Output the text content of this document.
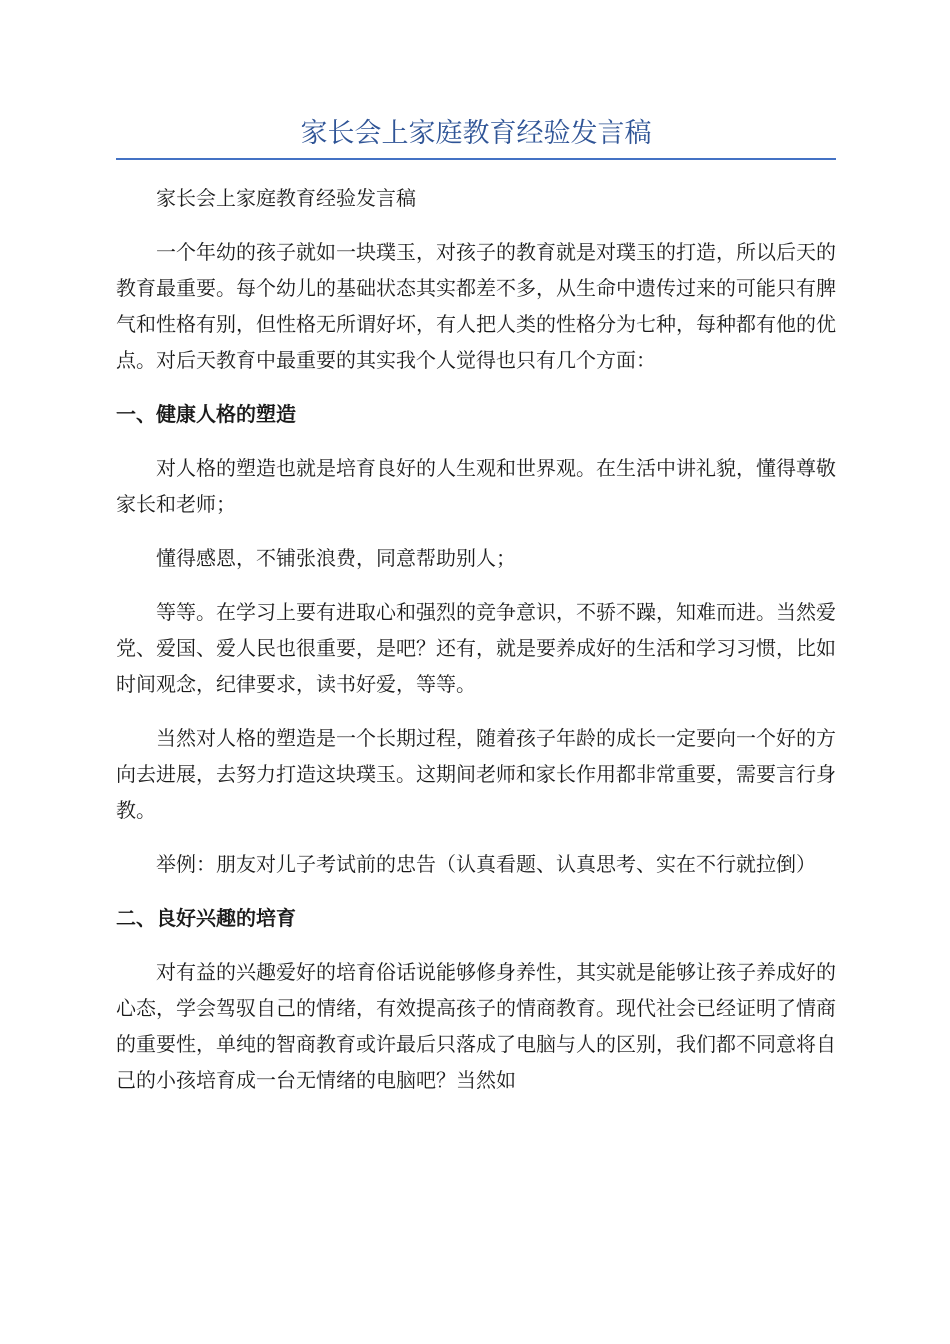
家长会上家庭教育经验发言稿

家长会上家庭教育经验发言稿

一个年幼的孩子就如一块璞玉，对孩子的教育就是对璞玉的打造，所以后天的教育最重要。每个幼儿的基础状态其实都差不多，从生命中遗传过来的可能只有脾气和性格有别，但性格无所谓好坏，有人把人类的性格分为七种，每种都有他的优点。对后天教育中最重要的其实我个人觉得也只有几个方面：

一、健康人格的塑造

对人格的塑造也就是培育良好的人生观和世界观。在生活中讲礼貌，懂得尊敬家长和老师；

懂得感恩，不铺张浪费，同意帮助别人；

等等。在学习上要有进取心和强烈的竞争意识，不骄不躁，知难而进。当然爱党、爱国、爱人民也很重要，是吧？还有，就是要养成好的生活和学习习惯，比如时间观念，纪律要求，读书好爱，等等。

当然对人格的塑造是一个长期过程，随着孩子年龄的成长一定要向一个好的方向去进展，去努力打造这块璞玉。这期间老师和家长作用都非常重要，需要言行身教。

举例：朋友对儿子考试前的忠告（认真看题、认真思考、实在不行就拉倒）

二、良好兴趣的培育

对有益的兴趣爱好的培育俗话说能够修身养性，其实就是能够让孩子养成好的心态，学会驾驭自己的情绪，有效提高孩子的情商教育。现代社会已经证明了情商的重要性，单纯的智商教育或许最后只落成了电脑与人的区别，我们都不同意将自己的小孩培育成一台无情绪的电脑吧？当然如
